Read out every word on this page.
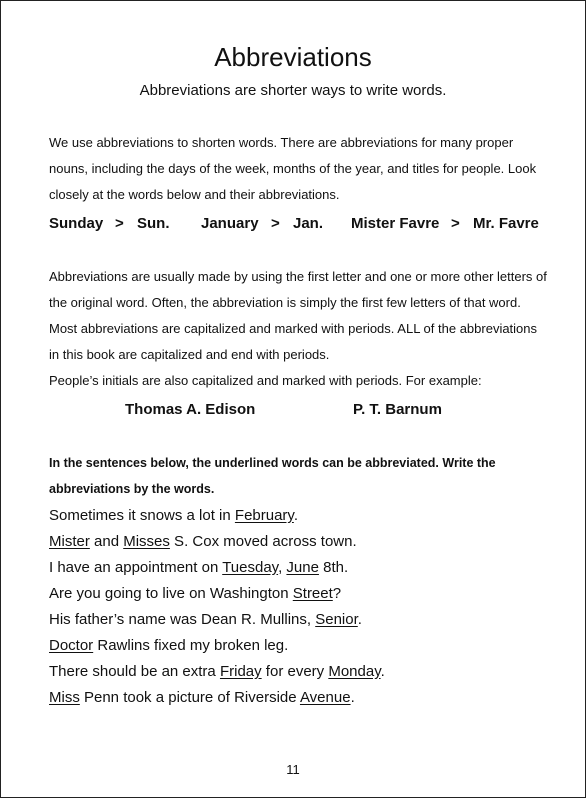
Abbreviations
Abbreviations are shorter ways to write words.
We use abbreviations to shorten words. There are abbreviations for many proper
nouns, including the days of the week, months of the year, and titles for people. Look
closely at the words below and their abbreviations.
Sunday > Sun. January > Jan. Mister Favre > Mr. Favre
Abbreviations are usually made by using the first letter and one or more other letters of
the original word. Often, the abbreviation is simply the first few letters of that word.
Most abbreviations are capitalized and marked with periods. ALL of the abbreviations
in this book are capitalized and end with periods.
People’s initials are also capitalized and marked with periods. For example:
Thomas A. Edison	P. T. Barnum
In the sentences below, the underlined words can be abbreviated. Write the
abbreviations by the words.
Sometimes it snows a lot in February.
Mister and Misses S. Cox moved across town.
I have an appointment on Tuesday, June 8th.
Are you going to live on Washington Street?
His father’s name was Dean R. Mullins, Senior.
Doctor Rawlins fixed my broken leg.
There should be an extra Friday for every Monday.
Miss Penn took a picture of Riverside Avenue.
11
